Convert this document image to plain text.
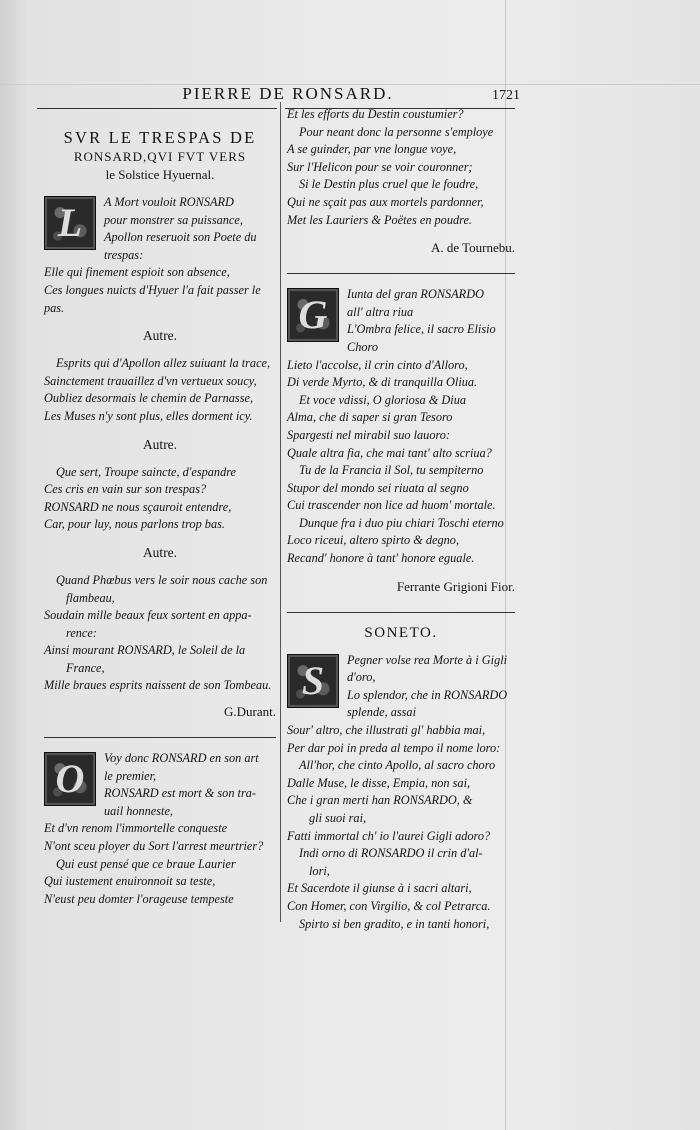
PIERRE DE RONSARD.	1721
SVR LE TRESPAS DE
RONSARD,QVI FVT VERS
le Solstice Hyuernal.
L	A Mort vouloit RONSARD
pour monstrer sa puissance,
Apollon reseruoit son Poete du
trespas:
Elle qui finement espioit son absence,
Ces longues nuicts d'Hyuer l'a fait passer le
pas.
Autre.
Esprits qui d'Apollon allez suiuant la trace,
Sainctement trauaillez d'vn vertueux soucy,
Oubliez desormais le chemin de Parnasse,
Les Muses n'y sont plus, elles dorment icy.
Autre.
Que sert, Troupe saincte, d'espandre
Ces cris en vain sur son trespas?
RONSARD ne nous sçauroit entendre,
Car, pour luy, nous parlons trop bas.
Autre.
Quand Phœbus vers le soir nous cache son
flambeau,
Soudain mille beaux feux sortent en appa-
rence:
Ainsi mourant RONSARD, le Soleil de la
France,
Mille braues esprits naissent de son Tombeau.
G.Durant.
O	Voy donc RONSARD en son art
le premier,
RONSARD est mort & son tra-
uail honneste,
Et d'vn renom l'immortelle conqueste
N'ont sceu ployer du Sort l'arrest meurtrier?
Qui eust pensé que ce braue Laurier
Qui iustement enuironnoit sa teste,
N'eust peu domter l'orageuse tempeste
Et les efforts du Destin coustumier?
Pour neant donc la personne s'employe
A se guinder, par vne longue voye,
Sur l'Helicon pour se voir couronner;
Si le Destin plus cruel que le foudre,
Qui ne sçait pas aux mortels pardonner,
Met les Lauriers & Poëtes en poudre.
A. de Tournebu.
G	Iunta del gran RONSARDO
all' altra riua
L'Ombra felice, il sacro Elisio
Choro
Lieto l'accolse, il crin cinto d'Alloro,
Di verde Myrto, & di tranquilla Oliua.
Et voce vdissi, O gloriosa & Diua
Alma, che di saper si gran Tesoro
Spargesti nel mirabil suo lauoro:
Quale altra fia, che mai tant' alto scriua?
Tu de la Francia il Sol, tu sempiterno
Stupor del mondo sei riuata al segno
Cui trascender non lice ad huom' mortale.
Dunque fra i duo piu chiari Toschi eterno
Loco riceui, altero spirto & degno,
Recand' honore à tant' honore eguale.
Ferrante Grigioni Fior.
SONETO.
S	Pegner volse rea Morte à i Gigli
d'oro,
Lo splendor, che in RONSARDO
splende, assai
Sour' altro, che illustrati gl' habbia mai,
Per dar poi in preda al tempo il nome loro:
All'hor, che cinto Apollo, al sacro choro
Dalle Muse, le disse, Empia, non sai,
Che i gran merti han RONSARDO, &
gli suoi rai,
Fatti immortal ch' io l'aurei Gigli adoro?
Indi orno di RONSARDO il crin d'al-
lori,
Et Sacerdote il giunse à i sacri altari,
Con Homer, con Virgilio, & col Petrarca.
Spirto si ben gradito, e in tanti honori,
